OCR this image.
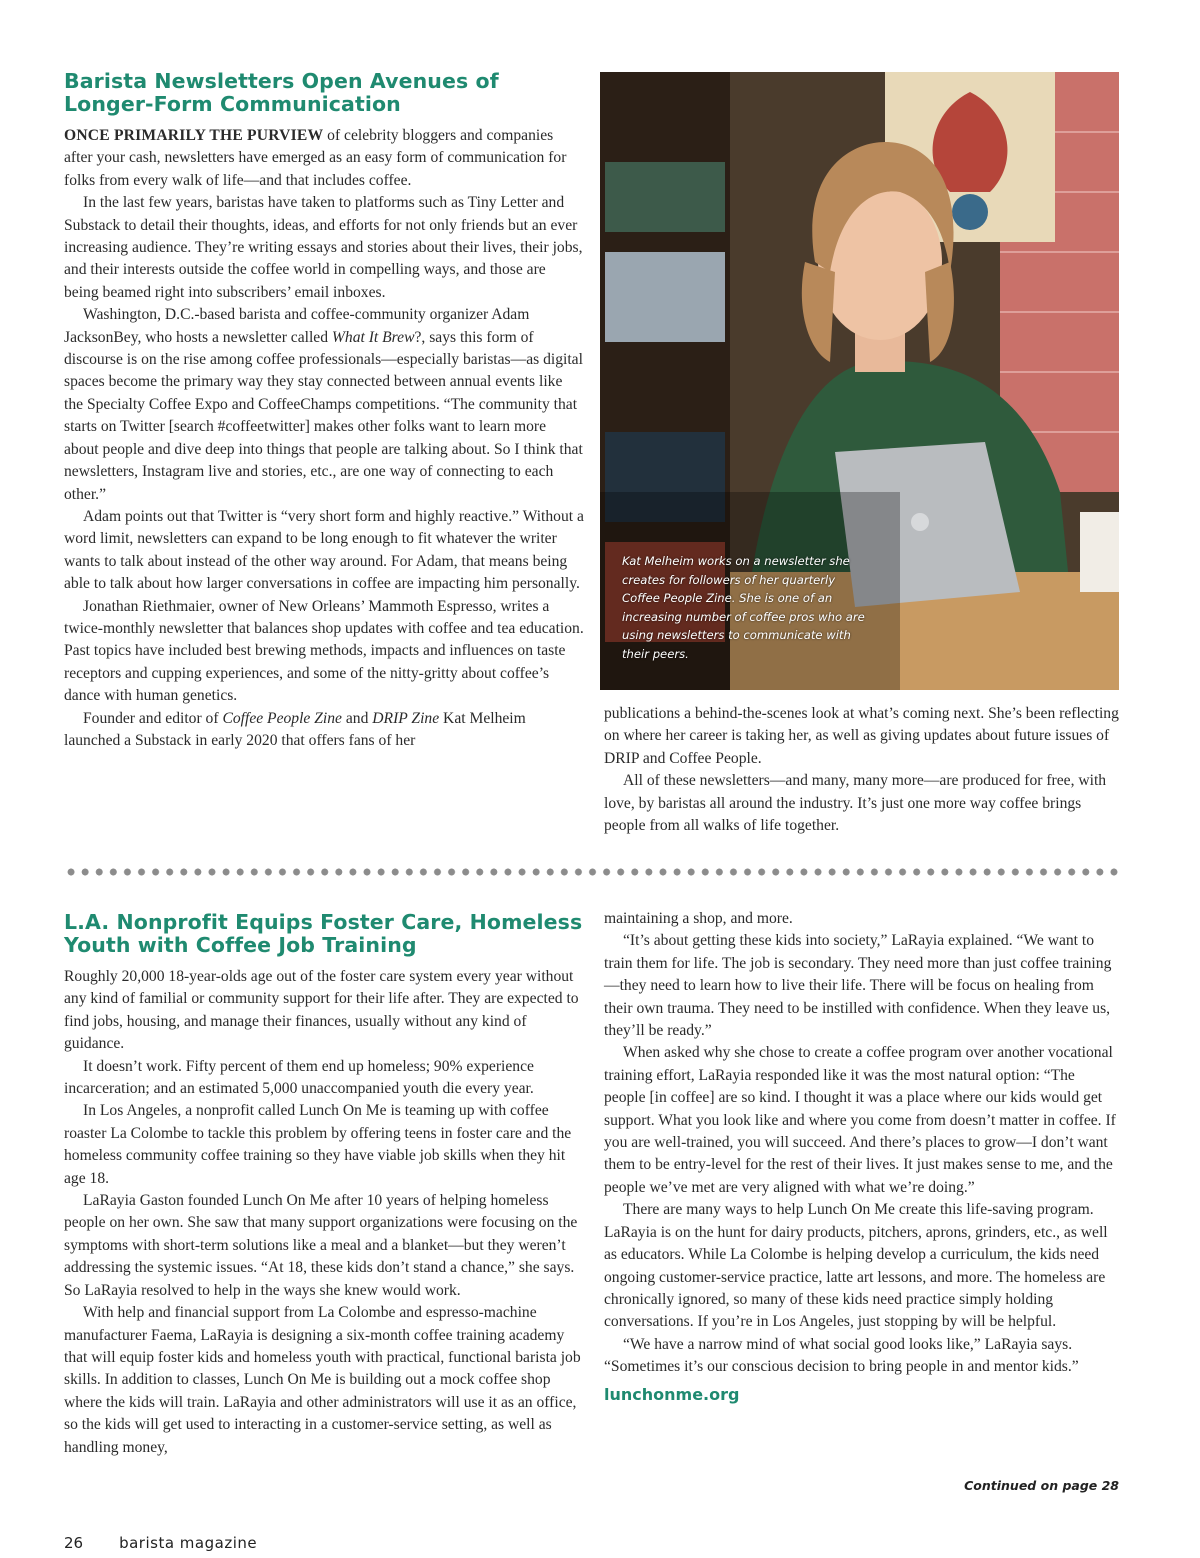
Barista Newsletters Open Avenues of Longer-Form Communication

ONCE PRIMARILY THE PURVIEW of celebrity bloggers and companies after your cash, newsletters have emerged as an easy form of communication for folks from every walk of life—and that includes coffee.

In the last few years, baristas have taken to platforms such as Tiny Letter and Substack to detail their thoughts, ideas, and efforts for not only friends but an ever increasing audience. They’re writing essays and stories about their lives, their jobs, and their interests outside the coffee world in compelling ways, and those are being beamed right into subscribers’ email inboxes.

Washington, D.C.-based barista and coffee-community organizer Adam JacksonBey, who hosts a newsletter called What It Brew?, says this form of discourse is on the rise among coffee professionals—especially baristas—as digital spaces become the primary way they stay connected between annual events like the Specialty Coffee Expo and CoffeeChamps competitions. “The community that starts on Twitter [search #coffeetwitter] makes other folks want to learn more about people and dive deep into things that people are talking about. So I think that newsletters, Instagram live and stories, etc., are one way of connecting to each other.”

Adam points out that Twitter is “very short form and highly reactive.” Without a word limit, newsletters can expand to be long enough to fit whatever the writer wants to talk about instead of the other way around. For Adam, that means being able to talk about how larger conversations in coffee are impacting him personally.

Jonathan Riethmaier, owner of New Orleans’ Mammoth Espresso, writes a twice-monthly newsletter that balances shop updates with coffee and tea education. Past topics have included best brewing methods, impacts and influences on taste receptors and cupping experiences, and some of the nitty-gritty about coffee’s dance with human genetics.

Founder and editor of Coffee People Zine and DRIP Zine Kat Melheim launched a Substack in early 2020 that offers fans of her

Kat Melheim works on a newsletter she creates for followers of her quarterly Coffee People Zine. She is one of an increasing number of coffee pros who are using newsletters to communicate with their peers.

publications a behind-the-scenes look at what’s coming next. She’s been reflecting on where her career is taking her, as well as giving updates about future issues of DRIP and Coffee People.

All of these newsletters—and many, many more—are produced for free, with love, by baristas all around the industry. It’s just one more way coffee brings people from all walks of life together.

L.A. Nonprofit Equips Foster Care, Homeless Youth with Coffee Job Training

Roughly 20,000 18-year-olds age out of the foster care system every year without any kind of familial or community support for their life after. They are expected to find jobs, housing, and manage their finances, usually without any kind of guidance.

It doesn’t work. Fifty percent of them end up homeless; 90% experience incarceration; and an estimated 5,000 unaccompanied youth die every year.

In Los Angeles, a nonprofit called Lunch On Me is teaming up with coffee roaster La Colombe to tackle this problem by offering teens in foster care and the homeless community coffee training so they have viable job skills when they hit age 18.

LaRayia Gaston founded Lunch On Me after 10 years of helping homeless people on her own. She saw that many support organizations were focusing on the symptoms with short-term solutions like a meal and a blanket—but they weren’t addressing the systemic issues. “At 18, these kids don’t stand a chance,” she says. So LaRayia resolved to help in the ways she knew would work.

With help and financial support from La Colombe and espresso-machine manufacturer Faema, LaRayia is designing a six-month coffee training academy that will equip foster kids and homeless youth with practical, functional barista job skills. In addition to classes, Lunch On Me is building out a mock coffee shop where the kids will train. LaRayia and other administrators will use it as an office, so the kids will get used to interacting in a customer-service setting, as well as handling money,

maintaining a shop, and more.

“It’s about getting these kids into society,” LaRayia explained. “We want to train them for life. The job is secondary. They need more than just coffee training—they need to learn how to live their life. There will be focus on healing from their own trauma. They need to be instilled with confidence. When they leave us, they’ll be ready.”

When asked why she chose to create a coffee program over another vocational training effort, LaRayia responded like it was the most natural option: “The people [in coffee] are so kind. I thought it was a place where our kids would get support. What you look like and where you come from doesn’t matter in coffee. If you are well-trained, you will succeed. And there’s places to grow—I don’t want them to be entry-level for the rest of their lives. It just makes sense to me, and the people we’ve met are very aligned with what we’re doing.”

There are many ways to help Lunch On Me create this life-saving program. LaRayia is on the hunt for dairy products, pitchers, aprons, grinders, etc., as well as educators. While La Colombe is helping develop a curriculum, the kids need ongoing customer-service practice, latte art lessons, and more. The homeless are chronically ignored, so many of these kids need practice simply holding conversations. If you’re in Los Angeles, just stopping by will be helpful.

“We have a narrow mind of what social good looks like,” LaRayia says. “Sometimes it’s our conscious decision to bring people in and mentor kids.”

lunchonme.org
Continued on page 28
26 barista magazine
